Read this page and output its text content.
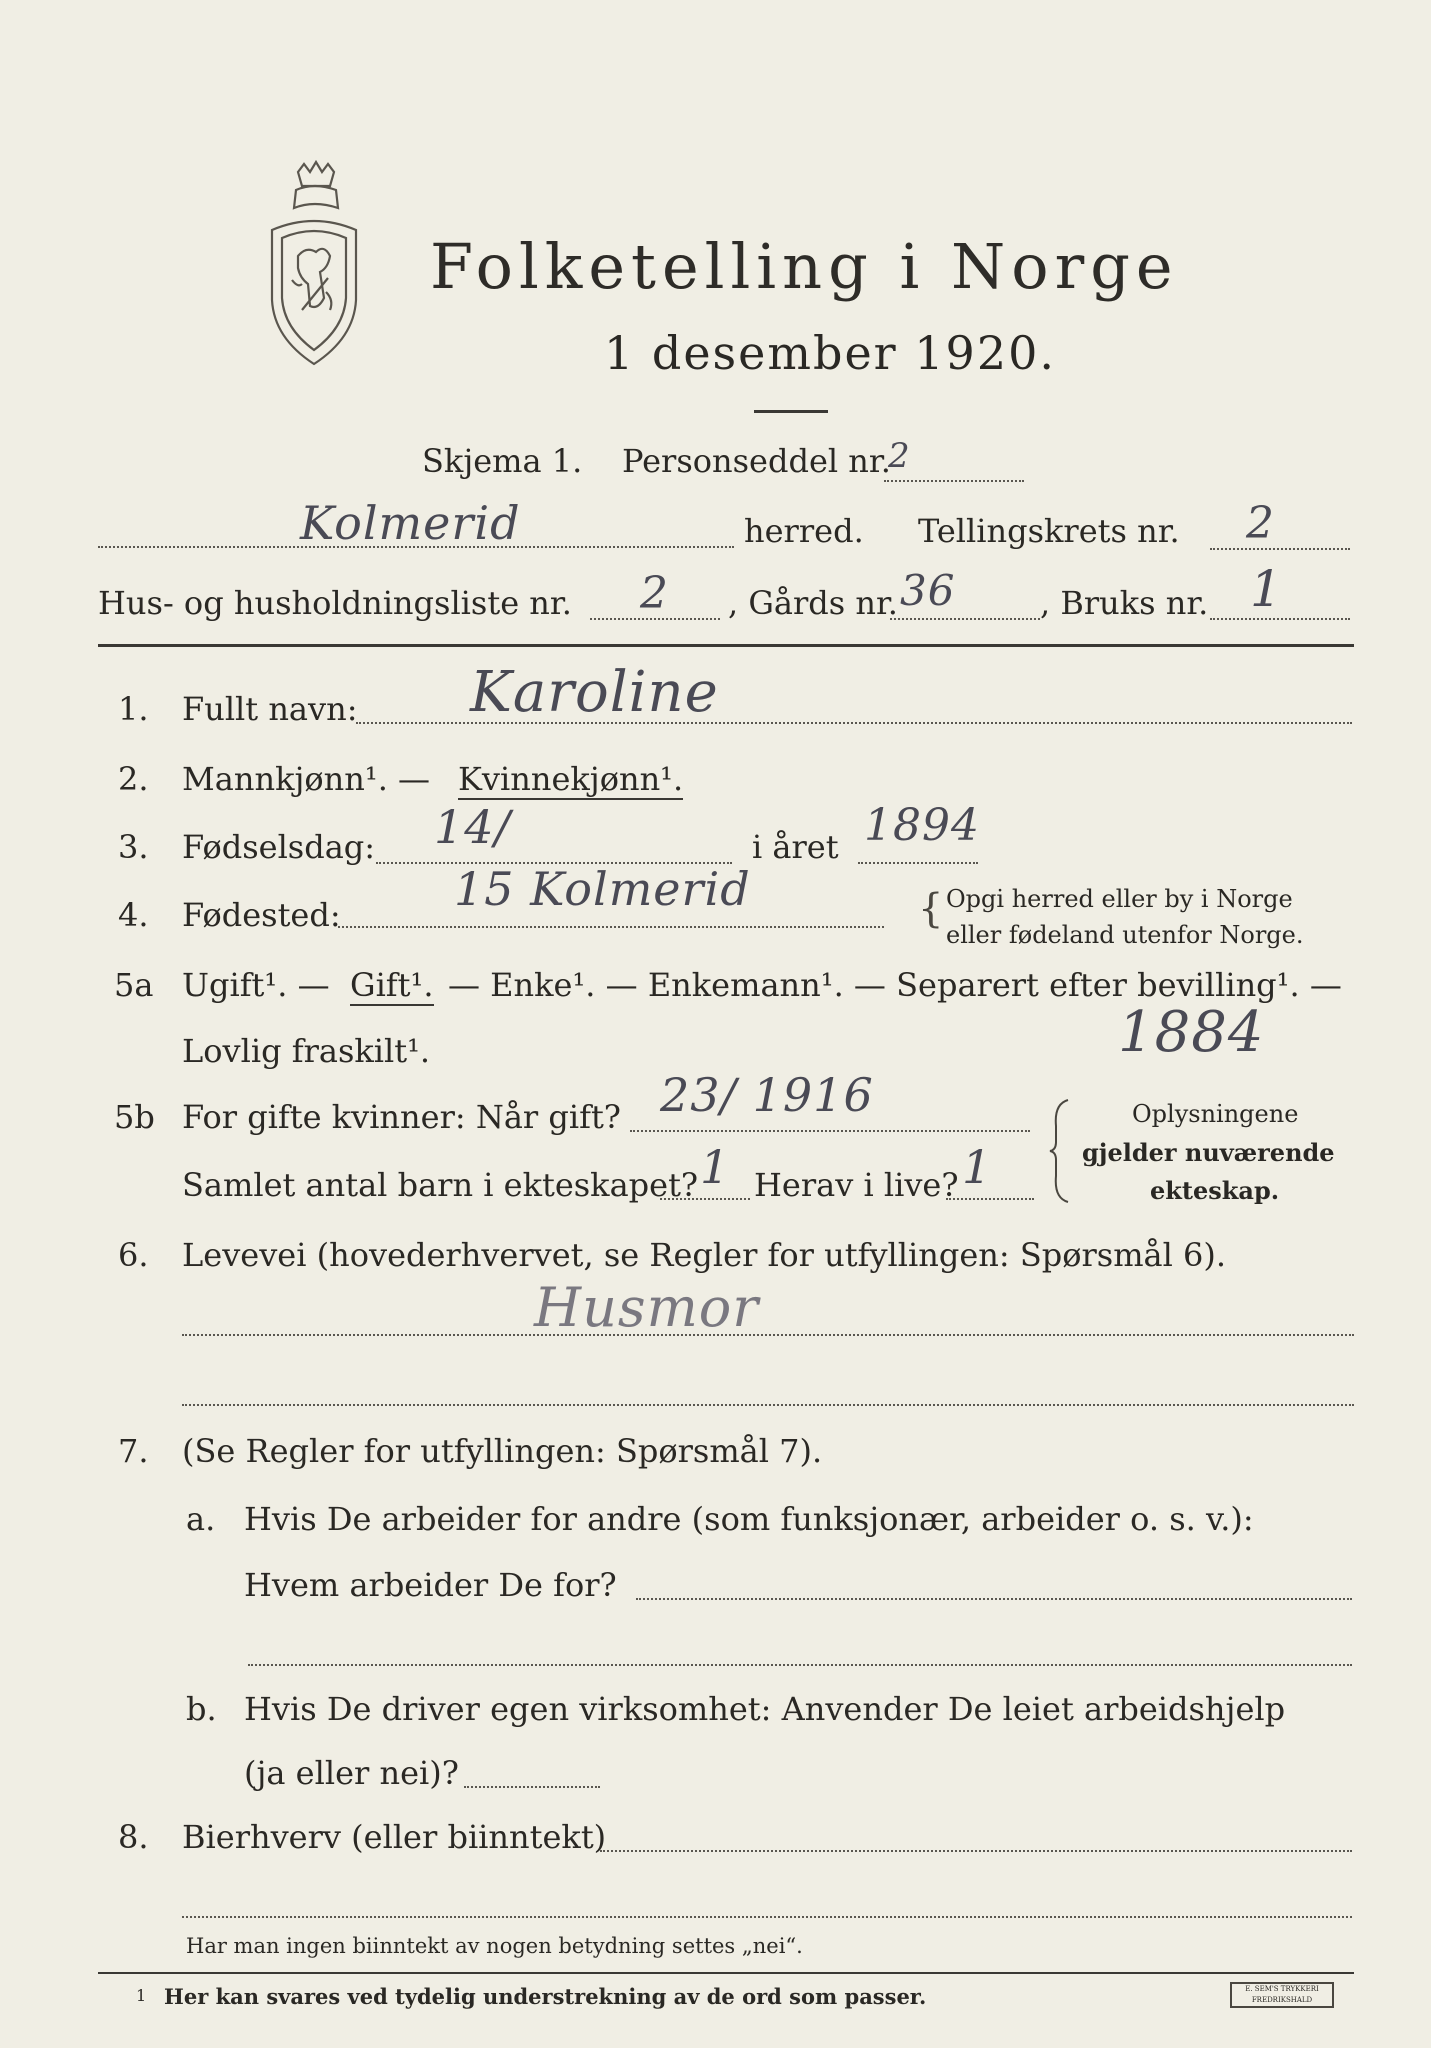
Folketelling i Norge
1 desember 1920.
Skjema 1. Personseddel nr.
2
Kolmerid	herred. Tellingskrets nr. 2
Hus- og husholdningsliste nr. 2 , Gårds nr. 36	, Bruks nr. 1
1. Fullt navn: Karoline
2. Mannkjønn¹. — Kvinnekjønn¹.
3. Fødselsdag: 14/	i året 1894
4. Fødested: 15 Kolmerid	{ Opgi herred eller by i Norge
eller fødeland utenfor Norge.
5a Ugift¹. — Gift¹. — Enke¹. — Enkemann¹. — Separert efter bevilling¹. —
Lovlig fraskilt¹.	1884
5b For gifte kvinner: Når gift? 23/ 1916
Samlet antal barn i ekteskapet? 1 Herav i live? 1
Oplysningene
gjelder nuværende
ekteskap.
6. Levevei (hovederhvervet, se Regler for utfyllingen: Spørsmål 6).
Husmor
7. (Se Regler for utfyllingen: Spørsmål 7).
a. Hvis De arbeider for andre (som funksjonær, arbeider o. s. v.):
Hvem arbeider De for?
b. Hvis De driver egen virksomhet: Anvender De leiet arbeidshjelp
(ja eller nei)?
8. Bierhverv (eller biinntekt)
Har man ingen biinntekt av nogen betydning settes „nei“.
1 Her kan svares ved tydelig understrekning av de ord som passer.	E. SEM'S TRYKKERI FREDRIKSHALD
